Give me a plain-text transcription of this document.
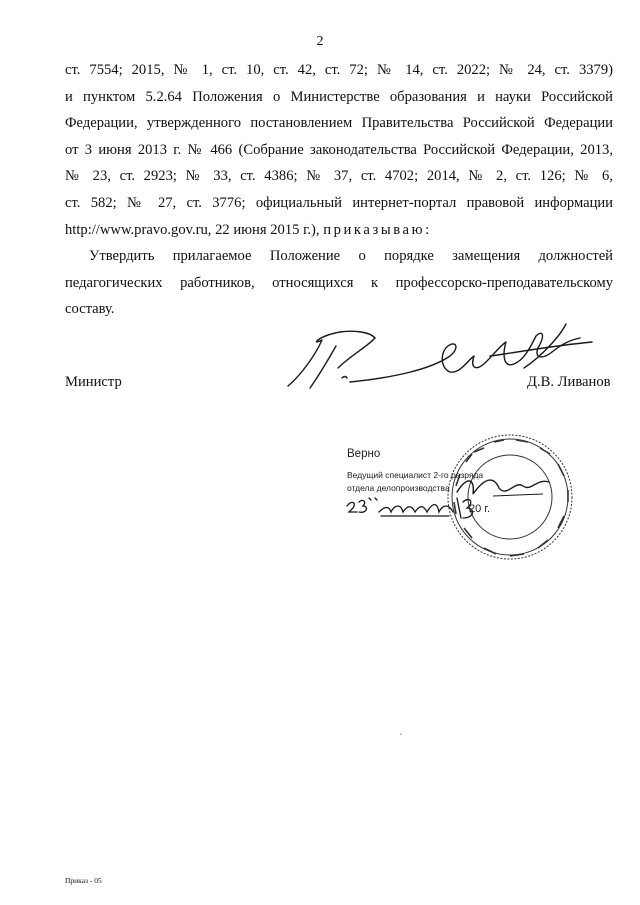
2
ст. 7554; 2015, № 1, ст. 10, ст. 42, ст. 72; № 14, ст. 2022; № 24, ст. 3379)
и пунктом 5.2.64 Положения о Министерстве образования и науки Российской
Федерации, утвержденного постановлением Правительства Российской Федерации
от 3 июня 2013 г. № 466 (Собрание законодательства Российской Федерации, 2013,
№ 23, ст. 2923; № 33, ст. 4386; № 37, ст. 4702; 2014, № 2, ст. 126; № 6,
ст. 582; № 27, ст. 3776; официальный интернет-портал правовой информации
http://www.pravo.gov.ru, 22 июня 2015 г.), приказываю:
Утвердить прилагаемое Положение о порядке замещения должностей
педагогических работников, относящихся к профессорско-преподавательскому
составу.
Министр	Д.В. Ливанов
Верно
Ведущий специалист 2-го разряда
отдела делопроизводства
20 г.
Приказ - 05
